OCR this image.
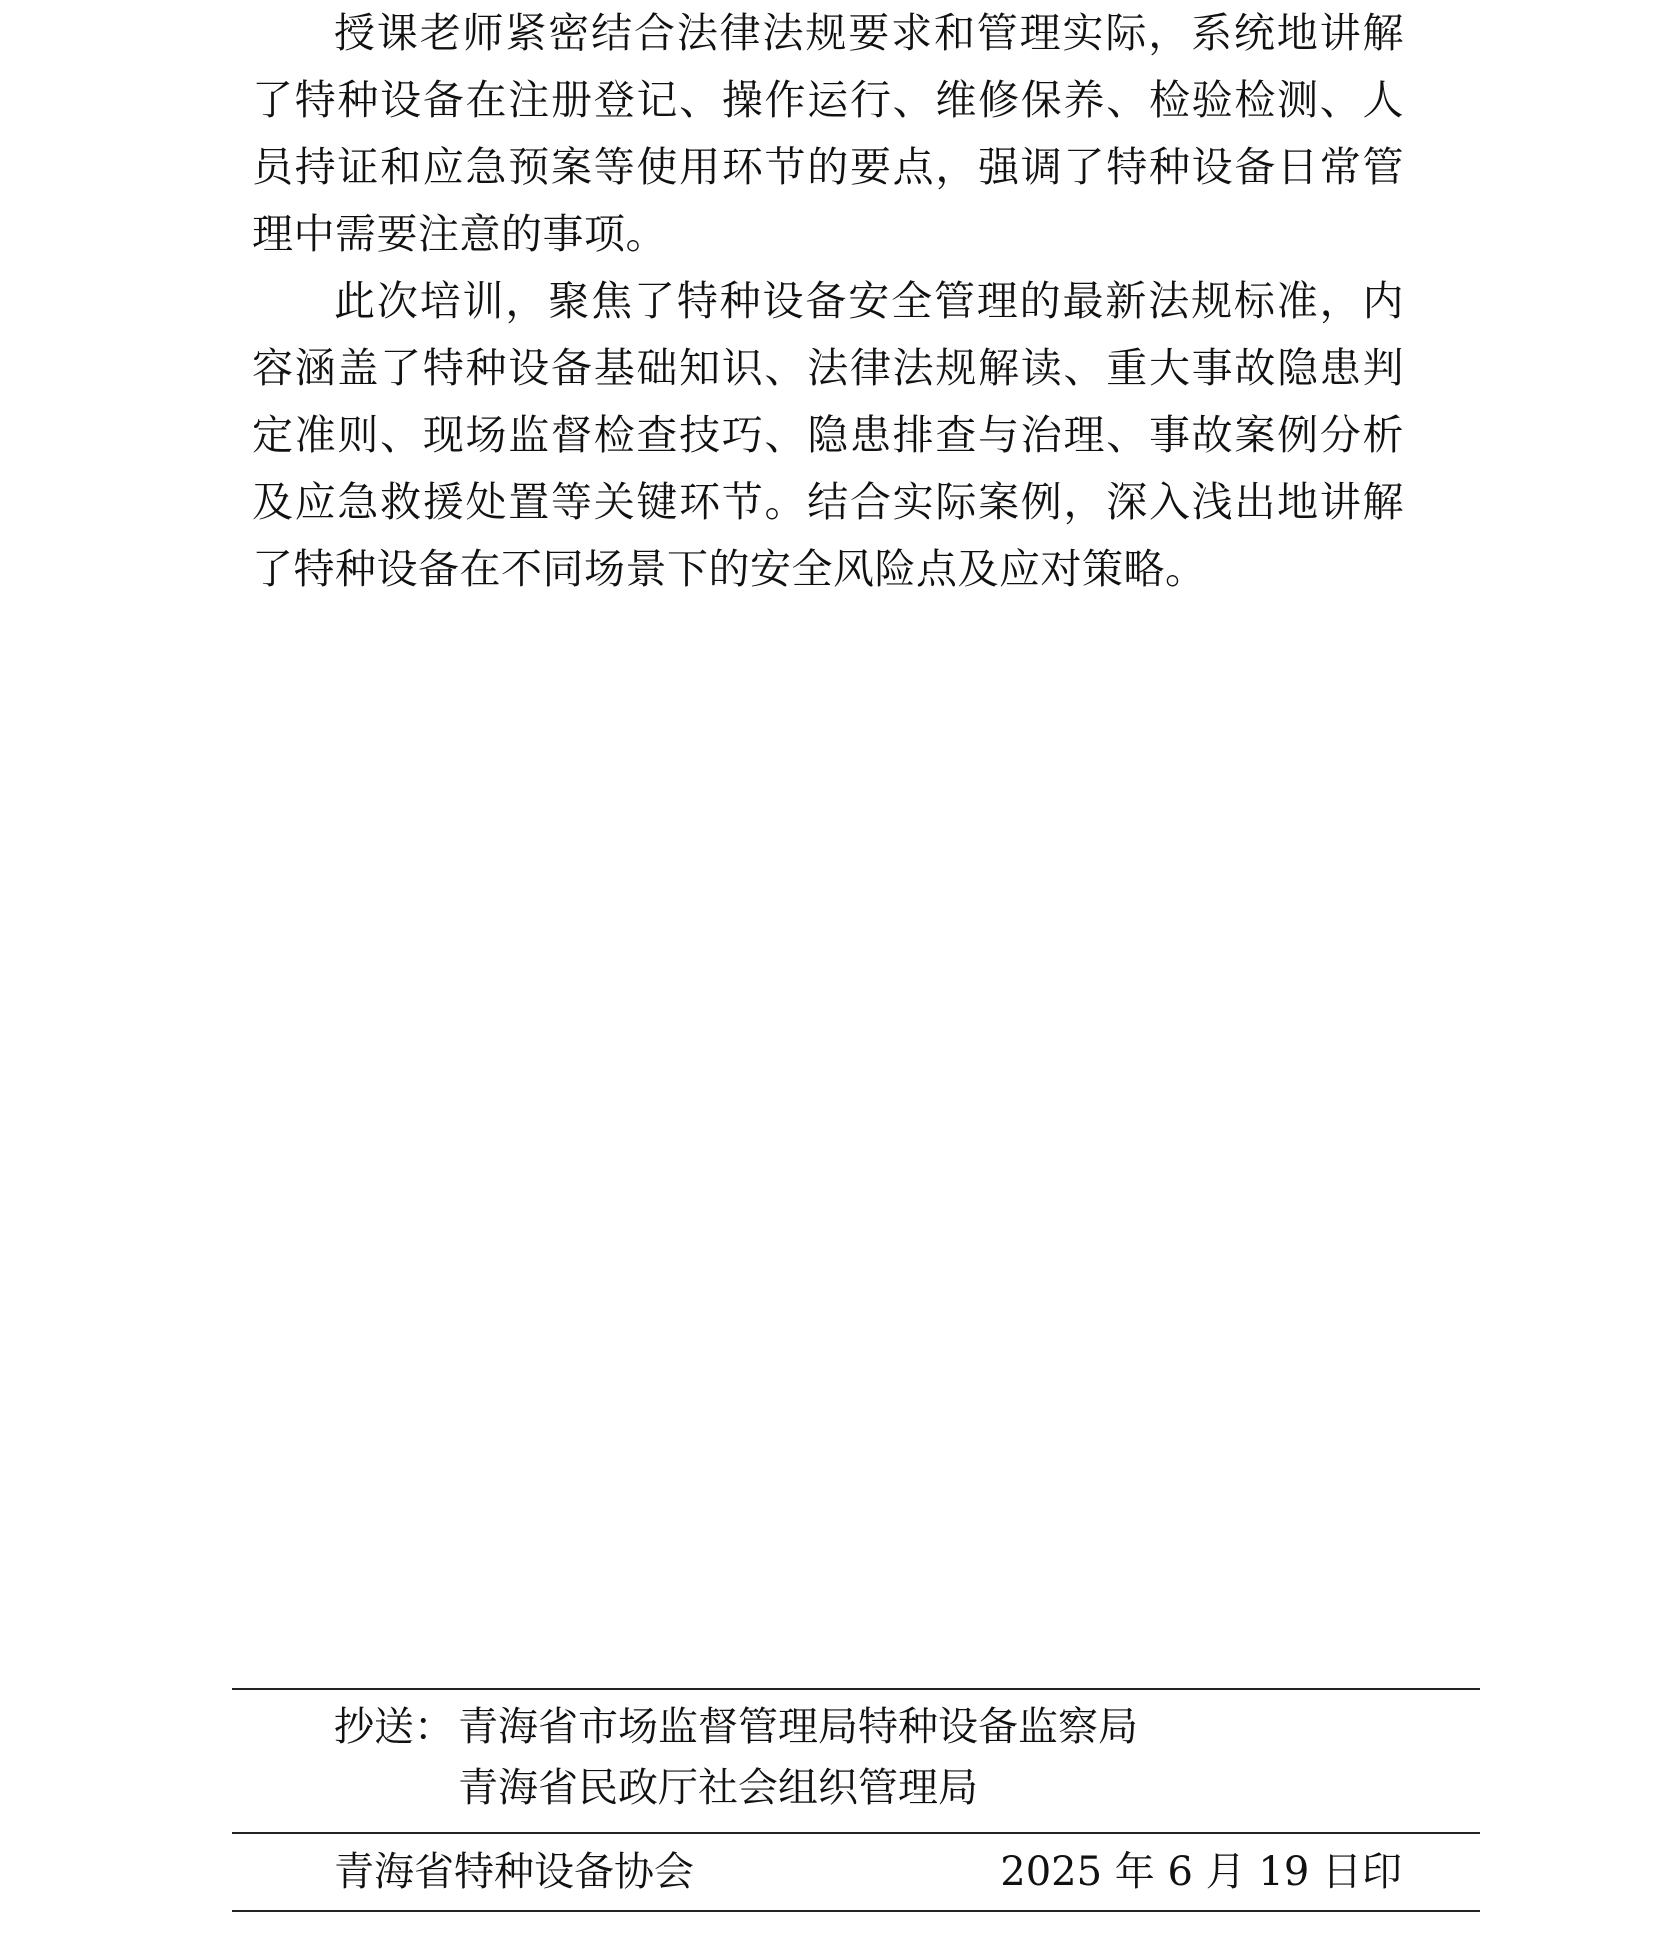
授课老师紧密结合法律法规要求和管理实际，系统地讲解了特种设备在注册登记、操作运行、维修保养、检验检测、人员持证和应急预案等使用环节的要点，强调了特种设备日常管理中需要注意的事项。

此次培训，聚焦了特种设备安全管理的最新法规标准，内容涵盖了特种设备基础知识、法律法规解读、重大事故隐患判定准则、现场监督检查技巧、隐患排查与治理、事故案例分析及应急救援处置等关键环节。结合实际案例，深入浅出地讲解了特种设备在不同场景下的安全风险点及应对策略。

抄送： 青海省市场监督管理局特种设备监察局
青海省民政厅社会组织管理局
青海省特种设备协会	2025 年 6 月 19 日印
